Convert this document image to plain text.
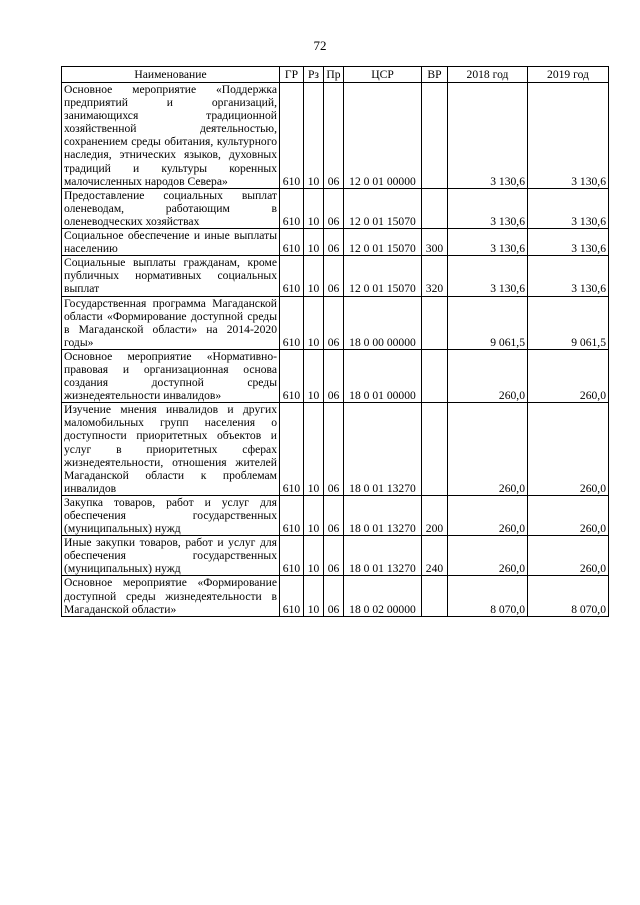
72
Наименование	ГР	Рз	Пр	ЦСР	ВР	2018 год	2019 год
Основное мероприятие «Поддержка предприятий и организаций, занимающихся традиционной хозяйственной деятельностью, сохранением среды обитания, культурного наследия, этнических языков, духовных традиций и культуры коренных малочисленных народов Севера»	610	10	06	12 0 01 00000		3 130,6	3 130,6
Предоставление социальных выплат оленеводам, работающим в оленеводческих хозяйствах	610	10	06	12 0 01 15070		3 130,6	3 130,6
Социальное обеспечение и иные выплаты населению	610	10	06	12 0 01 15070	300	3 130,6	3 130,6
Социальные выплаты гражданам, кроме публичных нормативных социальных выплат	610	10	06	12 0 01 15070	320	3 130,6	3 130,6
Государственная программа Магаданской области «Формирование доступной среды в Магаданской области» на 2014-2020 годы»	610	10	06	18 0 00 00000		9 061,5	9 061,5
Основное мероприятие «Нормативно-правовая и организационная основа создания доступной среды жизнедеятельности инвалидов»	610	10	06	18 0 01 00000		260,0	260,0
Изучение мнения инвалидов и других маломобильных групп населения о доступности приоритетных объектов и услуг в приоритетных сферах жизнедеятельности, отношения жителей Магаданской области к проблемам инвалидов	610	10	06	18 0 01 13270		260,0	260,0
Закупка товаров, работ и услуг для обеспечения государственных (муниципальных) нужд	610	10	06	18 0 01 13270	200	260,0	260,0
Иные закупки товаров, работ и услуг для обеспечения государственных (муниципальных) нужд	610	10	06	18 0 01 13270	240	260,0	260,0
Основное мероприятие «Формирование доступной среды жизнедеятельности в Магаданской области»	610	10	06	18 0 02 00000		8 070,0	8 070,0
